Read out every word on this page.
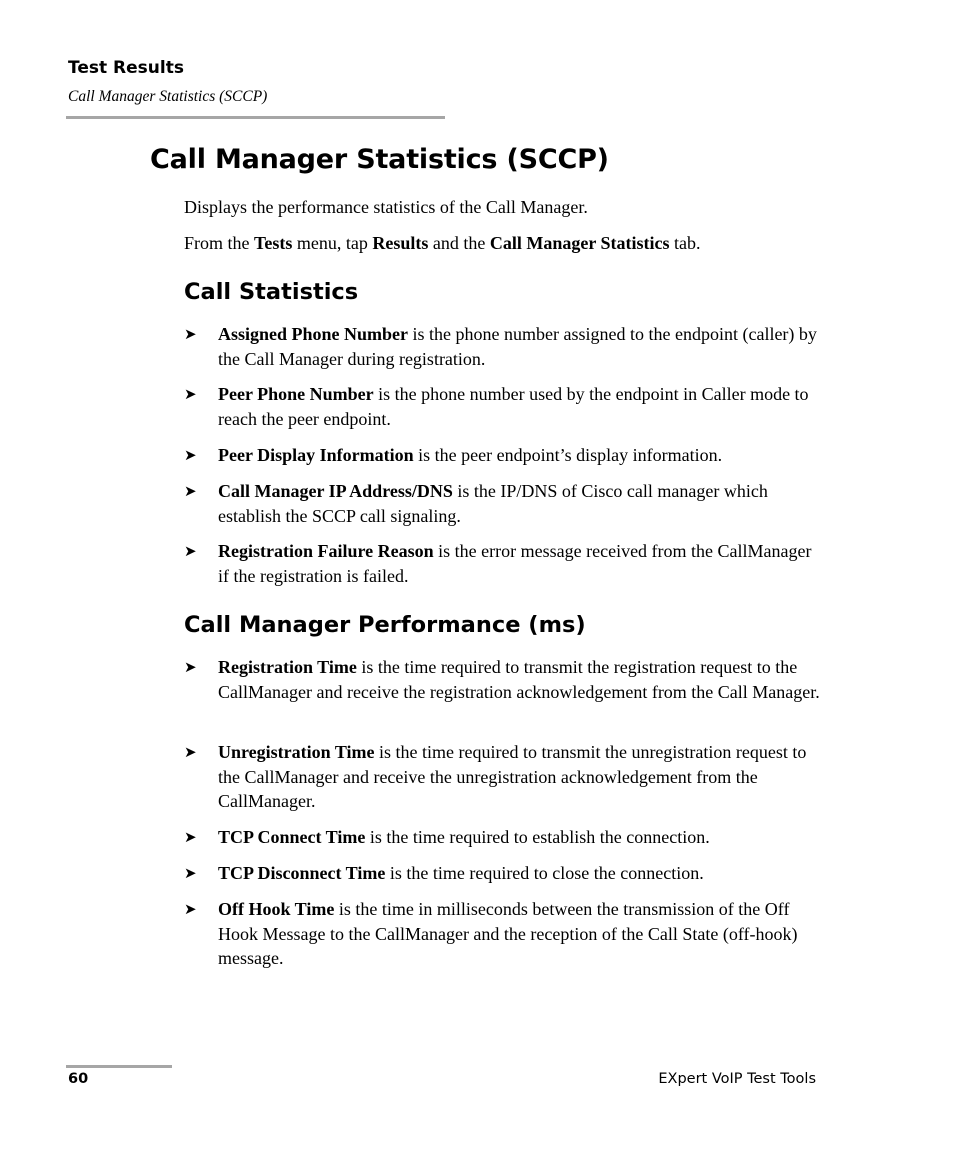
Test Results
Call Manager Statistics (SCCP)
Call Manager Statistics (SCCP)
Displays the performance statistics of the Call Manager.
From the Tests menu, tap Results and the Call Manager Statistics tab.
Call Statistics
➤	Assigned Phone Number is the phone number assigned to the endpoint (caller) by the Call Manager during registration.
➤	Peer Phone Number is the phone number used by the endpoint in Caller mode to reach the peer endpoint.
➤	Peer Display Information is the peer endpoint’s display information.
➤	Call Manager IP Address/DNS is the IP/DNS of Cisco call manager which establish the SCCP call signaling.
➤	Registration Failure Reason is the error message received from the CallManager if the registration is failed.
Call Manager Performance (ms)
➤	Registration Time is the time required to transmit the registration request to the CallManager and receive the registration acknowledgement from the Call Manager.
➤	Unregistration Time is the time required to transmit the unregistration request to the CallManager and receive the unregistration acknowledgement from the CallManager.
➤	TCP Connect Time is the time required to establish the connection.
➤	TCP Disconnect Time is the time required to close the connection.
➤	Off Hook Time is the time in milliseconds between the transmission of the Off Hook Message to the CallManager and the reception of the Call State (off-hook) message.
60	EXpert VoIP Test Tools
